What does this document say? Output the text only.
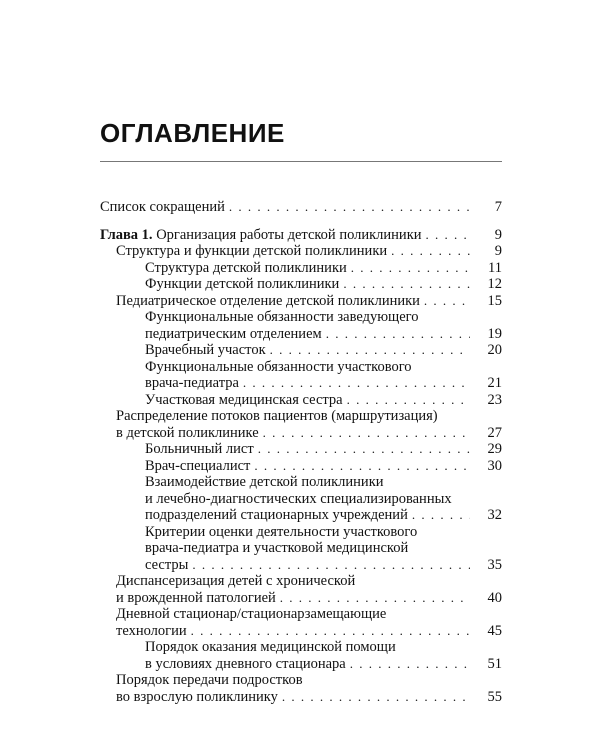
ОГЛАВЛЕНИЕ
Список сокращений . . .	7
Глава 1. Организация работы детской поликлиники . . .	9
Структура и функции детской поликлиники . . .	9
Структура детской поликлиники . . .	11
Функции детской поликлиники . . .	12
Педиатрическое отделение детской поликлиники . . .	15
Функциональные обязанности заведующего
педиатрическим отделением . . .	19
Врачебный участок . . .	20
Функциональные обязанности участкового
врача-педиатра . . .	21
Участковая медицинская сестра . . .	23
Распределение потоков пациентов (маршрутизация)
в детской поликлинике . . .	27
Больничный лист . . .	29
Врач-специалист . . .	30
Взаимодействие детской поликлиники
и лечебно-диагностических специализированных
подразделений стационарных учреждений . . .	32
Критерии оценки деятельности участкового
врача-педиатра и участковой медицинской
сестры . . .	35
Диспансеризация детей с хронической
и врожденной патологией . . .	40
Дневной стационар/стационарзамещающие
технологии . . .	45
Порядок оказания медицинской помощи
в условиях дневного стационара . . .	51
Порядок передачи подростков
во взрослую поликлинику . . .	55
